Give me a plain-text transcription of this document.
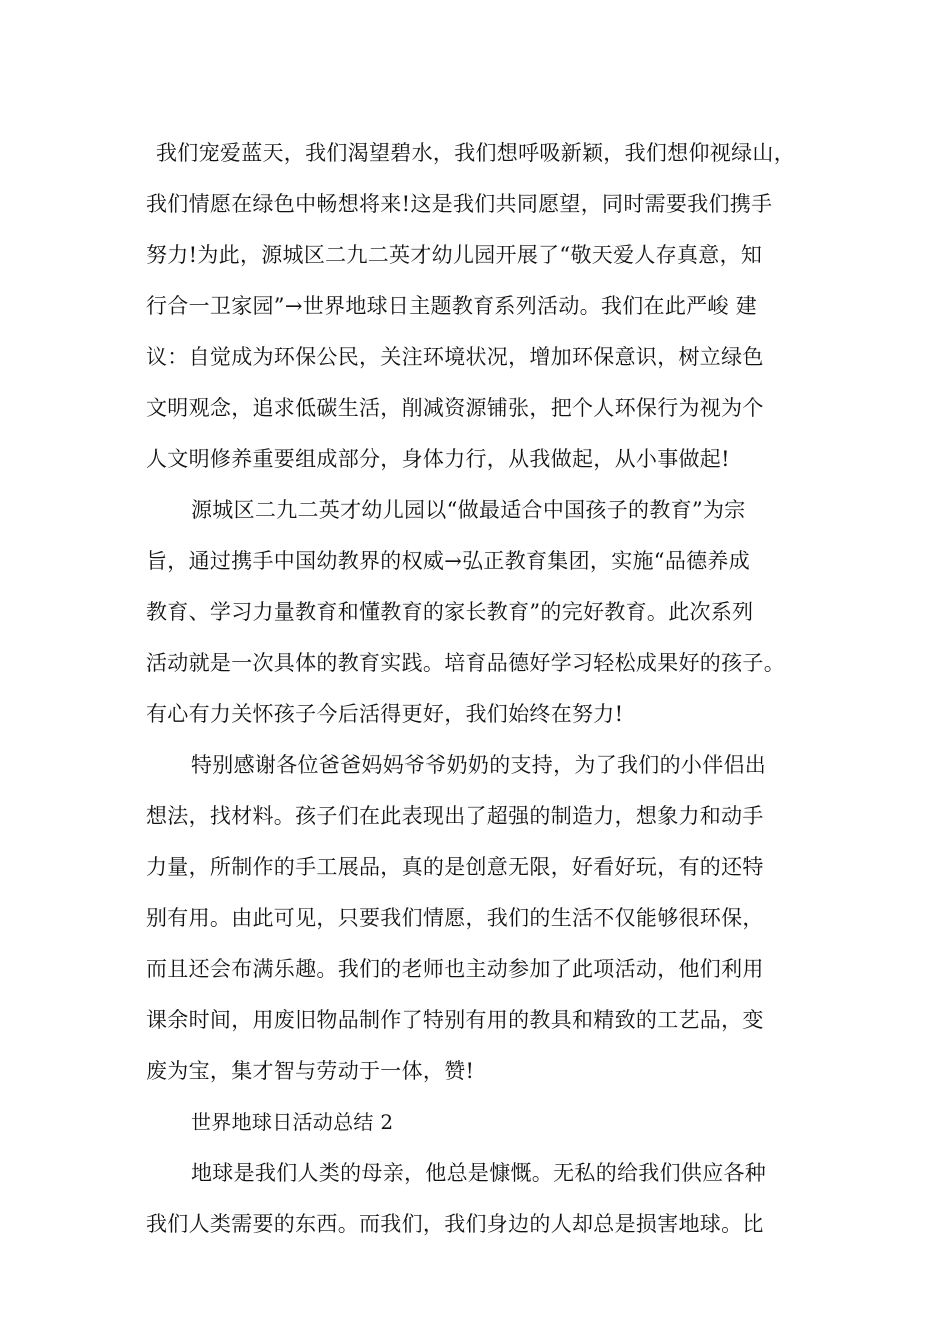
我们宠爱蓝天，我们渴望碧水，我们想呼吸新颖，我们想仰视绿山，
我们情愿在绿色中畅想将来!这是我们共同愿望，同时需要我们携手
努力!为此，源城区二九二英才幼儿园开展了“敬天爱人存真意，知
行合一卫家园”→世界地球日主题教育系列活动。我们在此严峻 建
议：自觉成为环保公民，关注环境状况，增加环保意识，树立绿色
文明观念，追求低碳生活，削减资源铺张，把个人环保行为视为个
人文明修养重要组成部分，身体力行，从我做起，从小事做起!
源城区二九二英才幼儿园以“做最适合中国孩子的教育”为宗
旨，通过携手中国幼教界的权威→弘正教育集团，实施“品德养成
教育、学习力量教育和懂教育的家长教育”的完好教育。此次系列
活动就是一次具体的教育实践。培育品德好学习轻松成果好的孩子。
有心有力关怀孩子今后活得更好，我们始终在努力!
特别感谢各位爸爸妈妈爷爷奶奶的支持，为了我们的小伴侣出
想法，找材料。孩子们在此表现出了超强的制造力，想象力和动手
力量，所制作的手工展品，真的是创意无限，好看好玩，有的还特
别有用。由此可见，只要我们情愿，我们的生活不仅能够很环保，
而且还会布满乐趣。我们的老师也主动参加了此项活动，他们利用
课余时间，用废旧物品制作了特别有用的教具和精致的工艺品，变
废为宝，集才智与劳动于一体，赞!
世界地球日活动总结 2
地球是我们人类的母亲，他总是慷慨。无私的给我们供应各种
我们人类需要的东西。而我们，我们身边的人却总是损害地球。比
